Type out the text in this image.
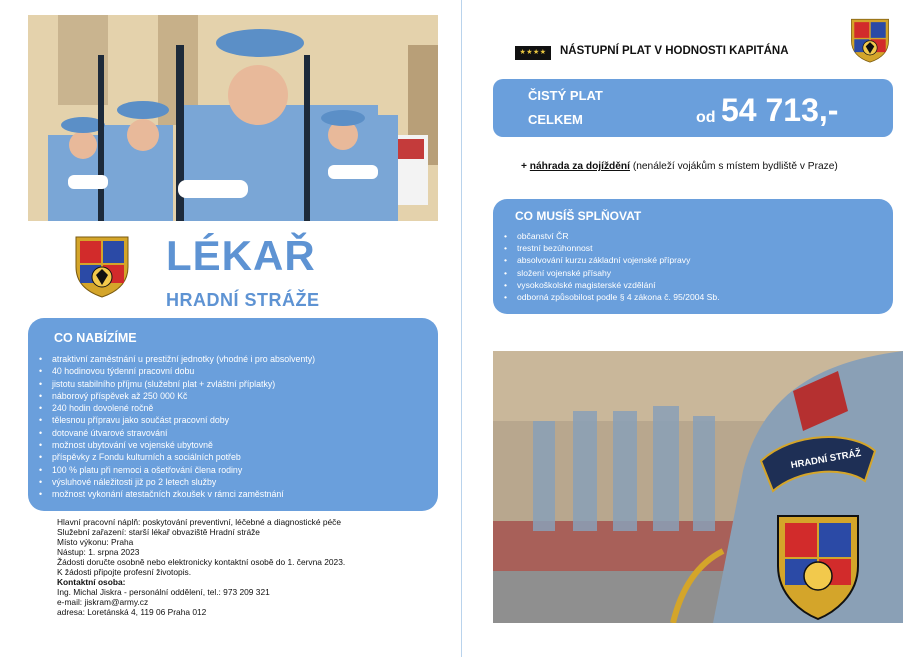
LÉKAŘ
HRADNÍ STRÁŽE
CO NABÍZÍME
• atraktivní zaměstnání u prestižní jednotky (vhodné i pro absolventy)
• 40 hodinovou týdenní pracovní dobu
• jistotu stabilního příjmu (služební plat + zvláštní příplatky)
• náborový příspěvek až 250 000 Kč
• 240 hodin dovolené ročně
• tělesnou přípravu jako součást pracovní doby
• dotované útvarové stravování
• možnost ubytování ve vojenské ubytovně
• příspěvky z Fondu kulturních a sociálních potřeb
• 100 % platu při nemoci a ošetřování člena rodiny
• výsluhové náležitosti již po 2 letech služby
• možnost vykonání atestačních zkoušek v rámci zaměstnání
Hlavní pracovní náplň: poskytování preventivní, léčebné a diagnostické péče
Služební zařazení: starší lékař obvaziště Hradní stráže
Místo výkonu: Praha
Nástup: 1. srpna 2023
Žádosti doručte osobně nebo elektronicky kontaktní osobě do 1. června 2023.
K žádosti připojte profesní životopis.
Kontaktní osoba:
Ing. Michal Jiskra - personální oddělení, tel.: 973 209 321
e-mail: jiskram@army.cz
adresa: Loretánská 4, 119 06 Praha 012
★★★★	NÁSTUPNÍ PLAT V HODNOSTI KAPITÁNA
ČISTÝ PLAT
CELKEM	od 54 713,-
+ náhrada za dojíždění (nenáleží vojákům s místem bydliště v Praze)
CO MUSÍŠ SPLŇOVAT
• občanství ČR
• trestní bezúhonnost
• absolvování kurzu základní vojenské přípravy
• složení vojenské přísahy
• vysokoškolské magisterské vzdělání
• odborná způsobilost podle § 4 zákona č. 95/2004 Sb.
HRADNÍ STRÁŽ
